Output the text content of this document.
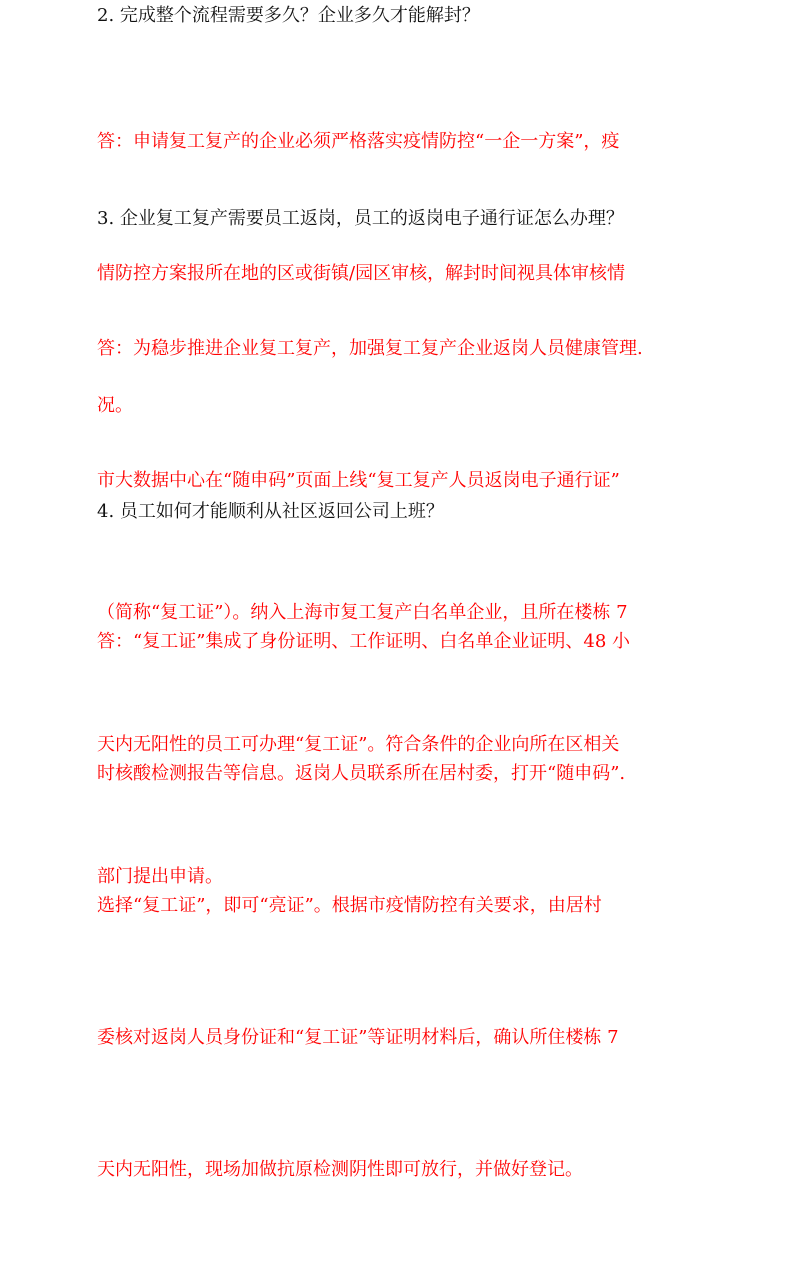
2. 完成整个流程需要多久？企业多久才能解封？

答：申请复工复产的企业必须严格落实疫情防控“一企一方案”，疫

情防控方案报所在地的区或街镇/园区审核，解封时间视具体审核情

况。

3. 企业复工复产需要员工返岗，员工的返岗电子通行证怎么办理？

答：为稳步推进企业复工复产，加强复工复产企业返岗人员健康管理.

市大数据中心在“随申码”页面上线“复工复产人员返岗电子通行证”

（简称“复工证”）。纳入上海市复工复产白名单企业，且所在楼栋 7

天内无阳性的员工可办理“复工证”。符合条件的企业向所在区相关

部门提出申请。

4. 员工如何才能顺利从社区返回公司上班？

答：“复工证”集成了身份证明、工作证明、白名单企业证明、48 小

时核酸检测报告等信息。返岗人员联系所在居村委，打开“随申码”.

选择“复工证”，即可“亮证”。根据市疫情防控有关要求，由居村

委核对返岗人员身份证和“复工证”等证明材料后，确认所住楼栋 7

天内无阳性，现场加做抗原检测阴性即可放行，并做好登记。
